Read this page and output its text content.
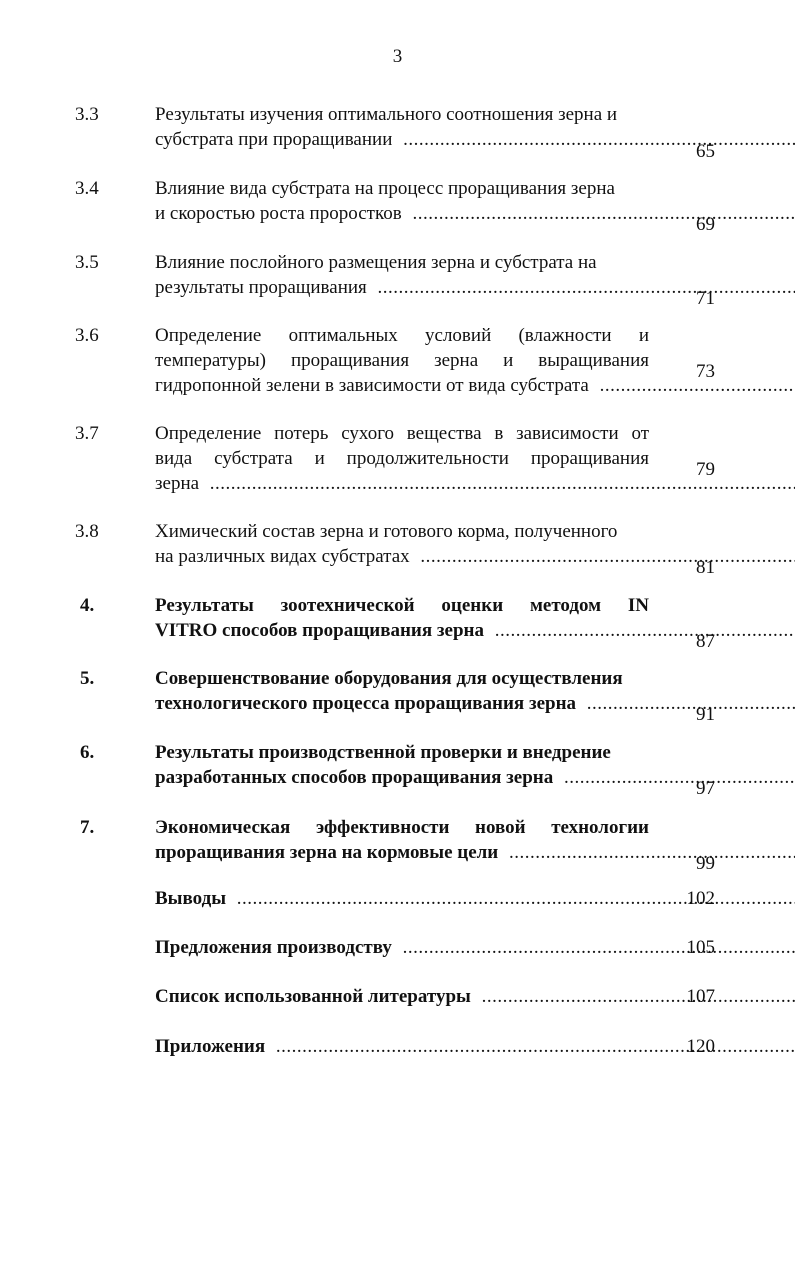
3
3.3	Результаты изучения оптимального соотношения зерна и
субстрата при проращивании .....
65
3.4	Влияние вида субстрата на процесс проращивания зерна
и скоростью роста проростков .....
69
3.5	Влияние послойного размещения зерна и субстрата на
результаты проращивания .....
71
3.6	Определение оптимальных условий (влажности и
температуры) проращивания зерна и выращивания
гидропонной зелени в зависимости от вида субстрата .....
73
3.7	Определение потерь сухого вещества в зависимости от
вида субстрата и продолжительности проращивания
зерна .....
79
3.8	Химический состав зерна и готового корма, полученного
на различных видах субстратах .....
81
4.	Результаты зоотехнической оценки методом IN
VITRO способов проращивания зерна .....
87
5.	Совершенствование оборудования для осуществления
технологического процесса проращивания зерна .....
91
6.	Результаты производственной проверки и внедрение
разработанных способов проращивания зерна .....
97
7.	Экономическая эффективности новой технологии
проращивания зерна на кормовые цели .....
99
Выводы .....	102
Предложения производству .....	105
Список использованной литературы .....	107
Приложения .....	120
